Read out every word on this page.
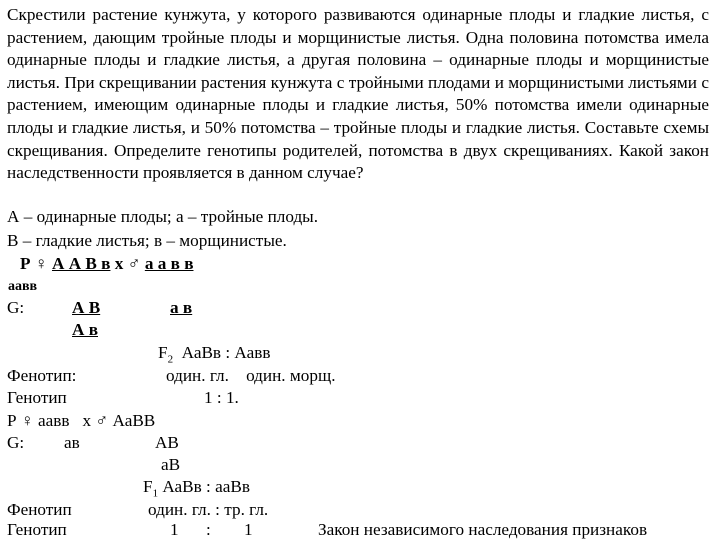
Скрестили растение кунжута, у которого развиваются одинарные плоды и гладкие листья, с растением, дающим тройные плоды и морщинистые листья. Одна половина потомства имела одинарные плоды и гладкие листья, а другая половина – одинарные плоды и морщинистые листья. При скрещивании растения кунжута с тройными плодами и морщинистыми листьями с растением, имеющим одинарные плоды и гладкие листья, 50% потомства имели одинарные плоды и гладкие листья, и 50% потомства – тройные плоды и гладкие листья. Составьте схемы скрещивания. Определите генотипы родителей, потомства в двух скрещиваниях. Какой закон наследственности проявляется в данном случае?
А – одинарные плоды; а – тройные плоды.
В – гладкие листья; в – морщинистые.
Р ♀ А А В в х ♂ а а в в
аавв
G:	А В	а в
А в
$F_2$ АаВв : Аавв
Фенотип:	один. гл.    один. морщ.
Генотип	1 : 1.
Р ♀ аавв х ♂ АаВВ
G: ав	АВ
аВ
$F_1$ АаВв : ааВв
Фенотип	один. гл. : тр. гл.
Генотип	1 : 1	Закон независимого наследования признаков
